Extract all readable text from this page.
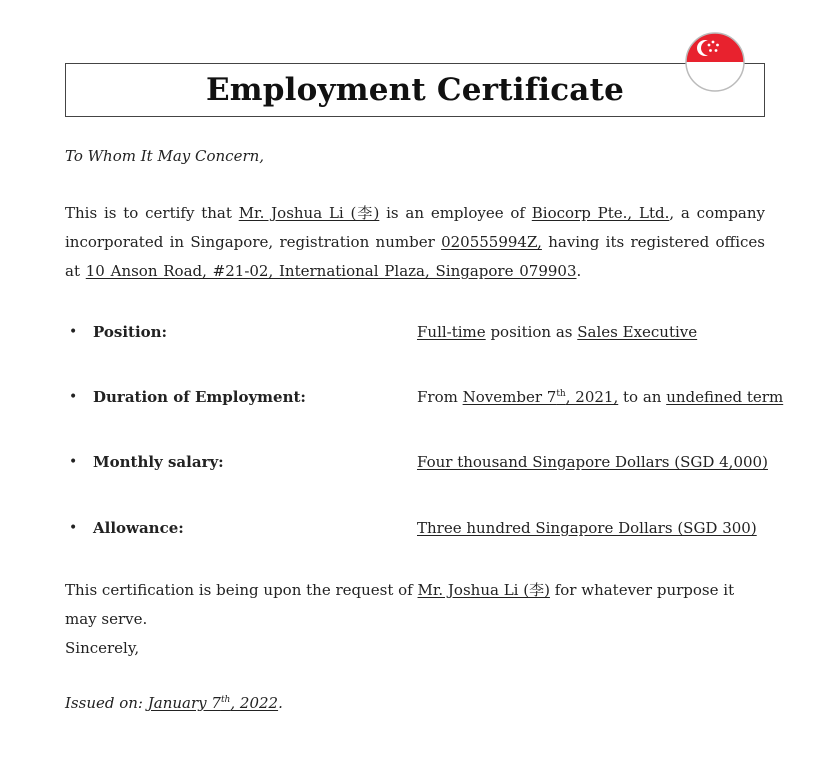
Employment Certificate
To Whom It May Concern,
This is to certify that Mr. Joshua Li (李) is an employee of Biocorp Pte., Ltd., a company incorporated in Singapore, registration number 020555994Z, having its registered offices at 10 Anson Road, #21-02, International Plaza, Singapore 079903.
• Position:	Full-time position as Sales Executive
• Duration of Employment:	From November 7th, 2021, to an undefined term
• Monthly salary:	Four thousand Singapore Dollars (SGD 4,000)
• Allowance:	Three hundred Singapore Dollars (SGD 300)
This certification is being upon the request of Mr. Joshua Li (李) for whatever purpose it may serve.
Sincerely,
Issued on: January 7th, 2022.
